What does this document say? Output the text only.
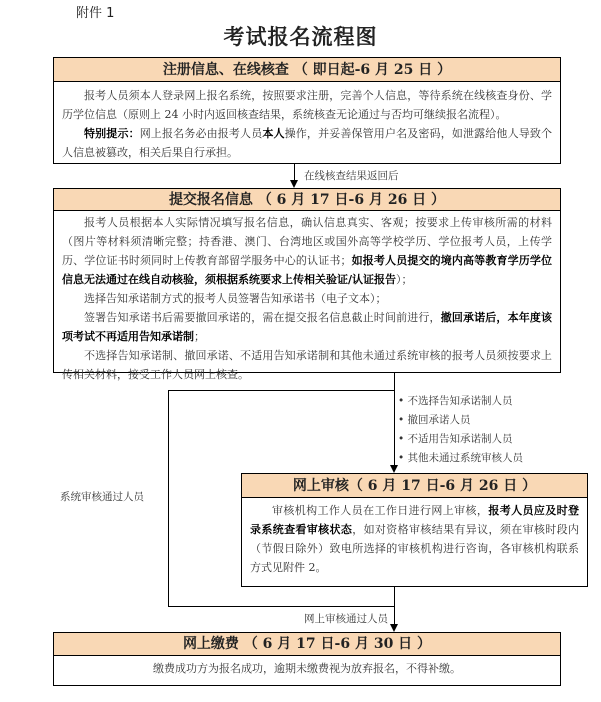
附件 1
考试报名流程图
注册信息、在线核查 （ 即日起-6 月 25 日 ）

报考人员须本人登录网上报名系统，按照要求注册，完善个人信息，等待系统在线核查身份、学历学位信息（原则上 24 小时内返回核查结果，系统核查无论通过与否均可继续报名流程）。

特别提示：网上报名务必由报考人员本人操作，并妥善保管用户名及密码，如泄露给他人导致个人信息被篡改，相关后果自行承担。

在线核查结果返回后
提交报名信息 （ 6 月 17 日-6 月 26 日 ）

报考人员根据本人实际情况填写报名信息，确认信息真实、客观；按要求上传审核所需的材料（图片等材料须清晰完整；持香港、澳门、台湾地区或国外高等学校学历、学位报考人员，上传学历、学位证书时须同时上传教育部留学服务中心的认证书；如报考人员提交的境内高等教育学历学位信息无法通过在线自动核验，须根据系统要求上传相关验证/认证报告）；

选择告知承诺制方式的报考人员签署告知承诺书（电子文本）；

签署告知承诺书后需要撤回承诺的，需在提交报名信息截止时间前进行，撤回承诺后，本年度该项考试不再适用告知承诺制；

不选择告知承诺制、撤回承诺、不适用告知承诺制和其他未通过系统审核的报考人员须按要求上传相关材料，接受工作人员网上核查。

系统审核通过人员
• 不选择告知承诺制人员
• 撤回承诺人员
• 不适用告知承诺制人员
• 其他未通过系统审核人员
网上审核（ 6 月 17 日-6 月 26 日 ）

审核机构工作人员在工作日进行网上审核，报考人员应及时登录系统查看审核状态，如对资格审核结果有异议，须在审核时段内（节假日除外）致电所选择的审核机构进行咨询，各审核机构联系方式见附件 2。

网上审核通过人员
网上缴费 （ 6 月 17 日-6 月 30 日 ）
缴费成功方为报名成功，逾期未缴费视为放弃报名，不得补缴。
